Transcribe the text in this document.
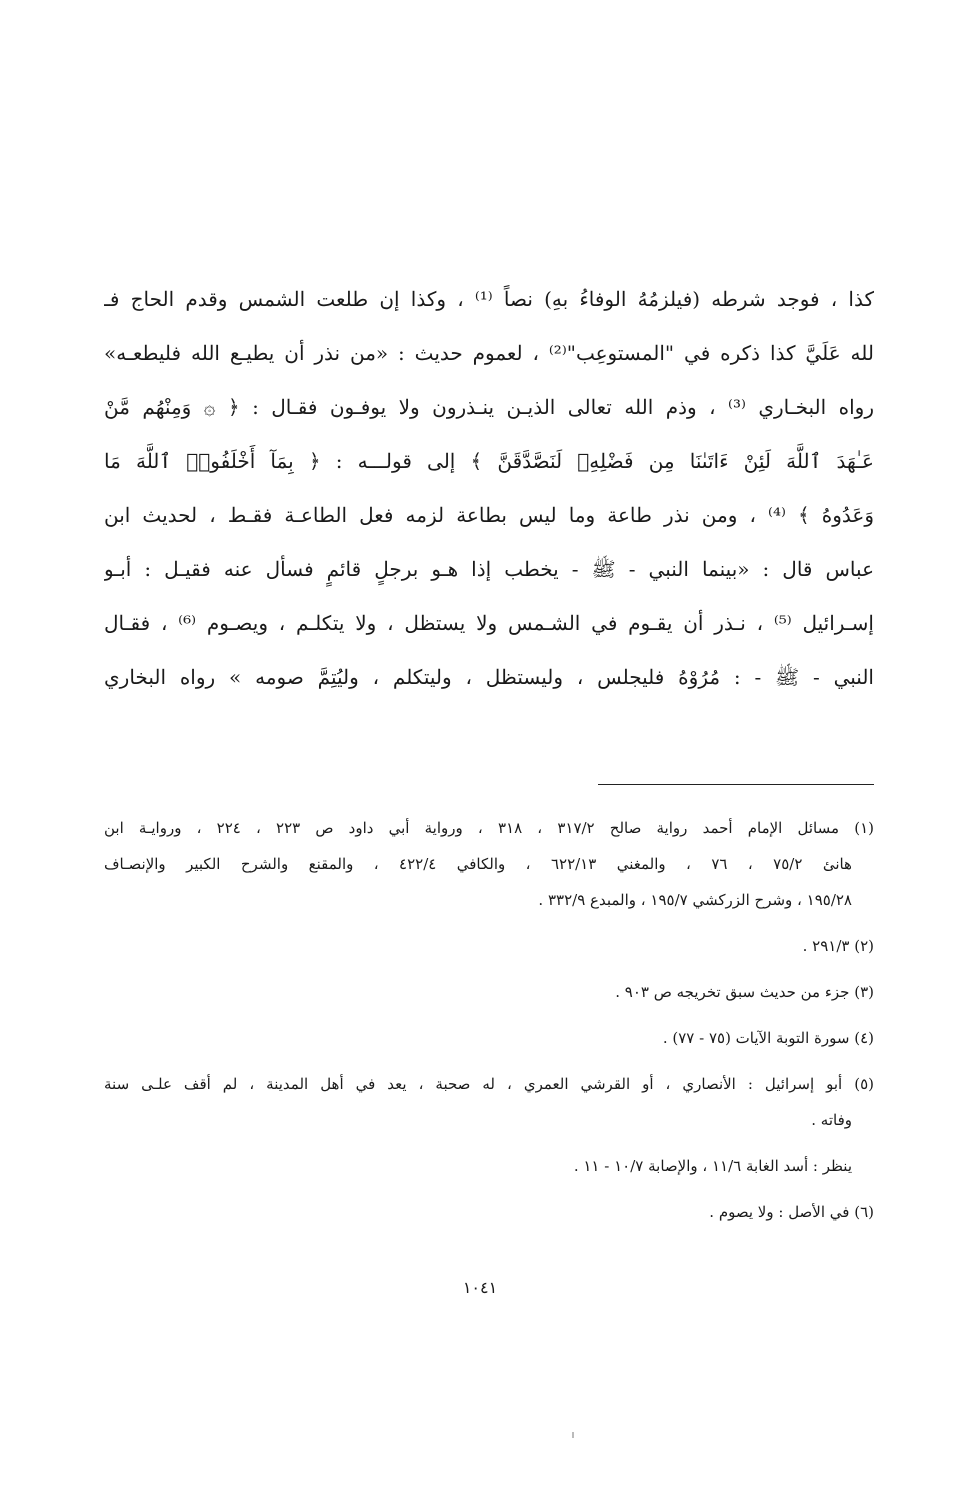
كذا ، فوجد شرطه (فيلزمُهُ الوفاءُ بهِ) نصاً ⁽¹⁾ ، وكذا إن طلعت الشمس وقدم الحاج فـ
لله عَلَيَّ كذا ذكره في "المستوعِب"⁽²⁾ ، لعموم حديث : «من نذر أن يطيـع الله فليطعـه»
رواه البخـاري ⁽³⁾ ، وذم الله تعالى الذيـن ينـذرون ولا يوفـون فقـال : ﴿ ۞ وَمِنْهُم مَّنْ
عَـٰهَدَ ٱللَّهَ لَئِنْ ءَاتَىٰنَا مِن فَضْلِهِۦ لَنَصَّدَّقَنَّ ﴾ إلى قولـــه : ﴿ بِمَآ أَخْلَفُوا۟ ٱللَّهَ مَا
وَعَدُوهُ ﴾ ⁽⁴⁾ ، ومن نذر طاعة وما ليس بطاعة لزمه فعل الطاعـة فقـط ، لحديث ابن
عباس قال : «بينما النبي - ﷺ - يخطب إذا هـو برجلٍ قائمٍ فسأل عنه فقيـل : أبـو
إسـرائيل ⁽⁵⁾ ، نـذر أن يقـوم في الشـمس ولا يستظل ، ولا يتكلـم ، ويصـوم ⁽⁶⁾ ، فقـال
النبي - ﷺ - : مُرُوْهُ فليجلس ، وليستظل ، وليتكلم ، وليُتِمَّ صومه » رواه البخاري
(١) مسائل الإمام أحمد رواية صالح ٣١٧/٢ ، ٣١٨ ، ورواية أبي داود ص ٢٢٣ ، ٢٢٤ ، وروايـة ابن
هانئ ٧٥/٢ ، ٧٦ ، والمغني ٦٢٢/١٣ ، والكافي ٤٢٢/٤ ، والمقنع والشرح الكبير والإنصـاف
١٩٥/٢٨ ، وشرح الزركشي ١٩٥/٧ ، والمبدع ٣٣٢/٩ .
(٢) ٢٩١/٣ .
(٣) جزء من حديث سبق تخريجه ص ٩٠٣ .
(٤) سورة التوبة الآيات (٧٥ - ٧٧) .
(٥) أبو إسرائيل : الأنصاري ، أو القرشي العمري ، له صحبة ، يعد في أهل المدينة ، لم أقف علـى سنة
وفاته .
ينظر : أسد الغابة ١١/٦ ، والإصابة ١٠/٧ - ١١ .
(٦) في الأصل : ولا يصوم .
١٠٤١
